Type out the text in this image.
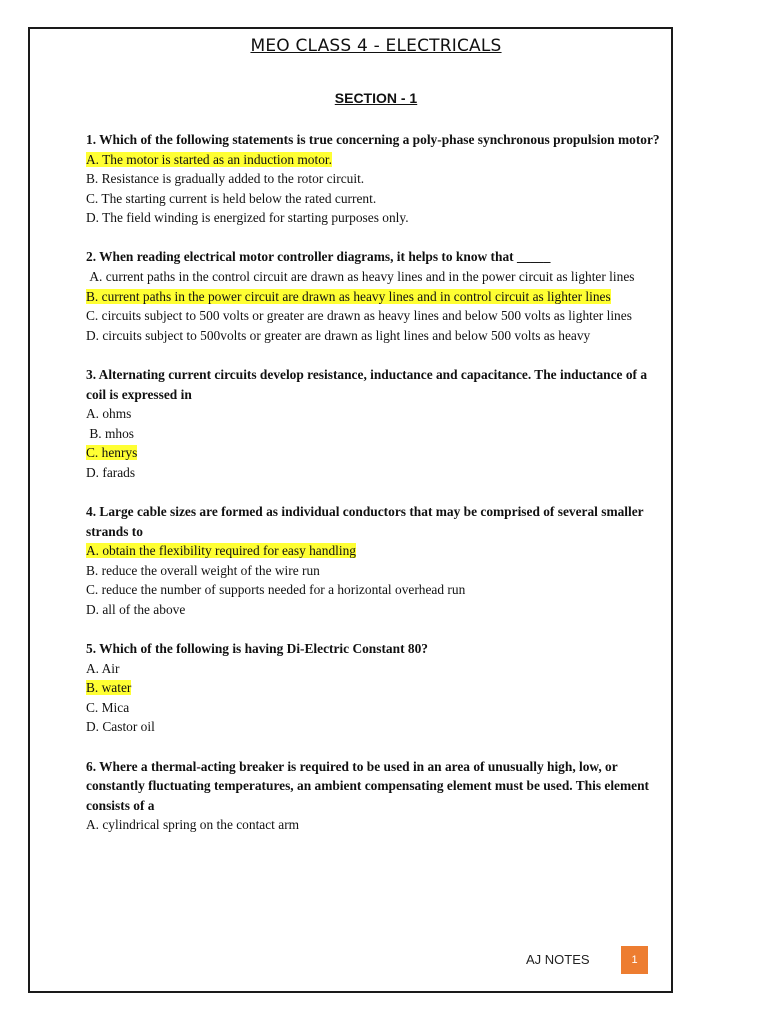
MEO CLASS 4 - ELECTRICALS
SECTION - 1
1. Which of the following statements is true concerning a poly-phase synchronous propulsion motor?
A. The motor is started as an induction motor.
B. Resistance is gradually added to the rotor circuit.
C. The starting current is held below the rated current.
D. The field winding is energized for starting purposes only.
2. When reading electrical motor controller diagrams, it helps to know that _____
A. current paths in the control circuit are drawn as heavy lines and in the power circuit as lighter lines
B. current paths in the power circuit are drawn as heavy lines and in control circuit as lighter lines
C. circuits subject to 500 volts or greater are drawn as heavy lines and below 500 volts as lighter lines
D. circuits subject to 500volts or greater are drawn as light lines and below 500 volts as heavy
3. Alternating current circuits develop resistance, inductance and capacitance. The inductance of a coil is expressed in
A. ohms
B. mhos
C. henrys
D. farads
4. Large cable sizes are formed as individual conductors that may be comprised of several smaller strands to
A. obtain the flexibility required for easy handling
B. reduce the overall weight of the wire run
C. reduce the number of supports needed for a horizontal overhead run
D. all of the above
5. Which of the following is having Di-Electric Constant 80?
A. Air
B. water
C. Mica
D. Castor oil
6. Where a thermal-acting breaker is required to be used in an area of unusually high, low, or constantly fluctuating temperatures, an ambient compensating element must be used. This element consists of a
A. cylindrical spring on the contact arm
AJ NOTES	1
